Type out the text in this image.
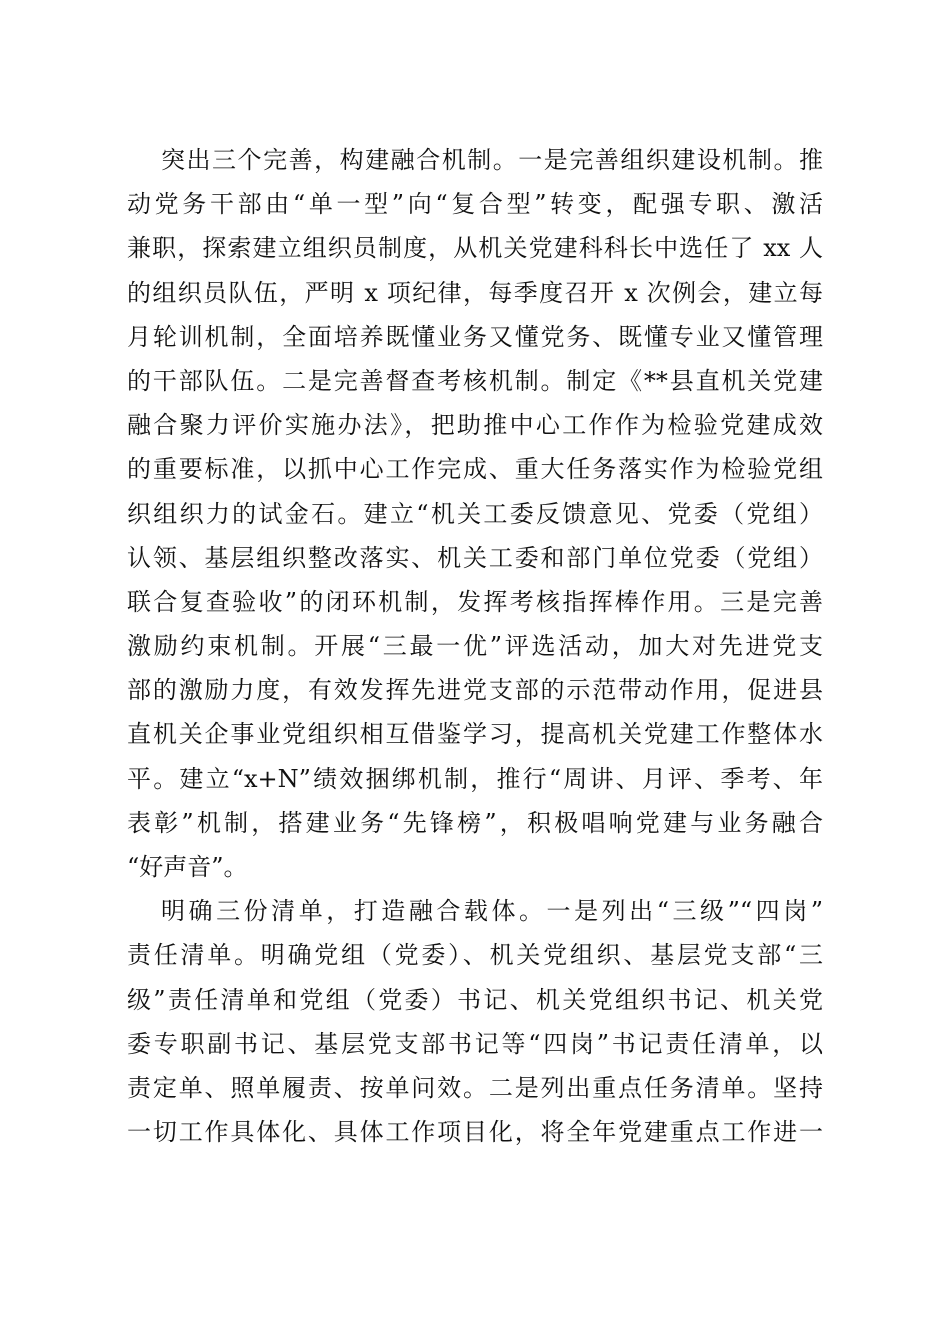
突出三个完善，构建融合机制。一是完善组织建设机制。推
动党务干部由“单一型”向“复合型”转变，配强专职、激活
兼职，探索建立组织员制度，从机关党建科科长中选任了 xx 人
的组织员队伍，严明 x 项纪律，每季度召开 x 次例会，建立每
月轮训机制，全面培养既懂业务又懂党务、既懂专业又懂管理
的干部队伍。二是完善督查考核机制。制定《**县直机关党建
融合聚力评价实施办法》，把助推中心工作作为检验党建成效
的重要标准，以抓中心工作完成、重大任务落实作为检验党组
织组织力的试金石。建立“机关工委反馈意见、党委（党组）
认领、基层组织整改落实、机关工委和部门单位党委（党组）
联合复查验收”的闭环机制，发挥考核指挥棒作用。三是完善
激励约束机制。开展“三最一优”评选活动，加大对先进党支
部的激励力度，有效发挥先进党支部的示范带动作用，促进县
直机关企事业党组织相互借鉴学习，提高机关党建工作整体水
平。建立“x+N”绩效捆绑机制，推行“周讲、月评、季考、年
表彰”机制，搭建业务“先锋榜”，积极唱响党建与业务融合
“好声音”。
明确三份清单，打造融合载体。一是列出“三级”“四岗”
责任清单。明确党组（党委）、机关党组织、基层党支部“三
级”责任清单和党组（党委）书记、机关党组织书记、机关党
委专职副书记、基层党支部书记等“四岗”书记责任清单，以
责定单、照单履责、按单问效。二是列出重点任务清单。坚持
一切工作具体化、具体工作项目化，将全年党建重点工作进一
